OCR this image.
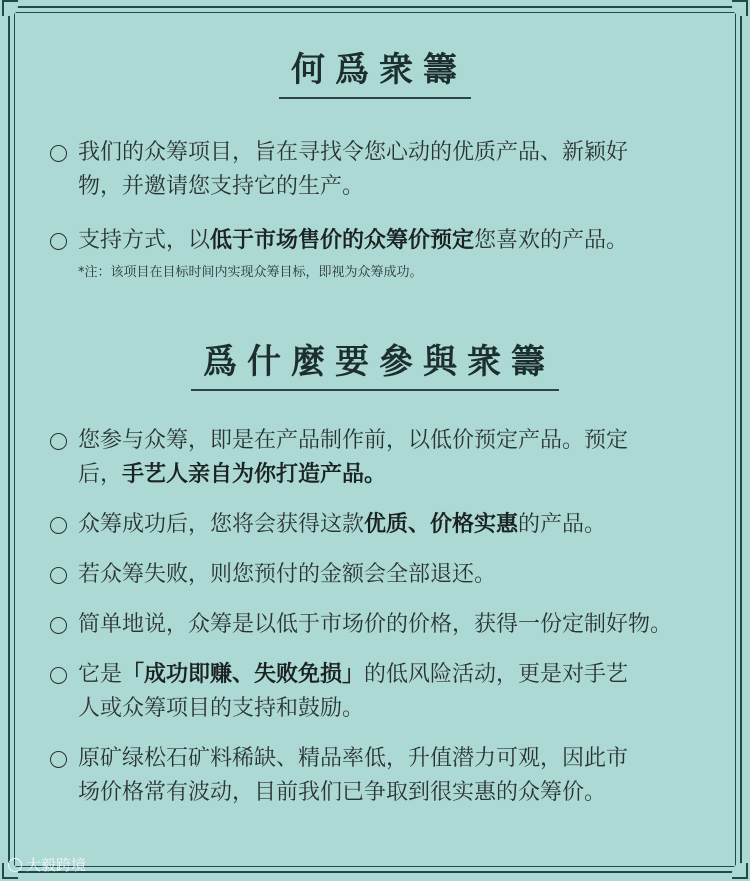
何爲衆籌
我们的众筹项目，旨在寻找令您心动的优质产品、新颖好
物，并邀请您支持它的生产。
支持方式，以低于市场售价的众筹价预定您喜欢的产品。
*注：该项目在目标时间内实现众筹目标，即视为众筹成功。
爲什麼要參與衆籌
您参与众筹，即是在产品制作前，以低价预定产品。预定
后，手艺人亲自为你打造产品。
众筹成功后，您将会获得这款优质、价格实惠的产品。
若众筹失败，则您预付的金额会全部退还。
简单地说，众筹是以低于市场价的价格，获得一份定制好物。
它是「成功即赚、失败免损」的低风险活动，更是对手艺
人或众筹项目的支持和鼓励。
原矿绿松石矿料稀缺、精品率低，升值潜力可观，因此市
场价格常有波动，目前我们已争取到很实惠的众筹价。
大毅跨境
